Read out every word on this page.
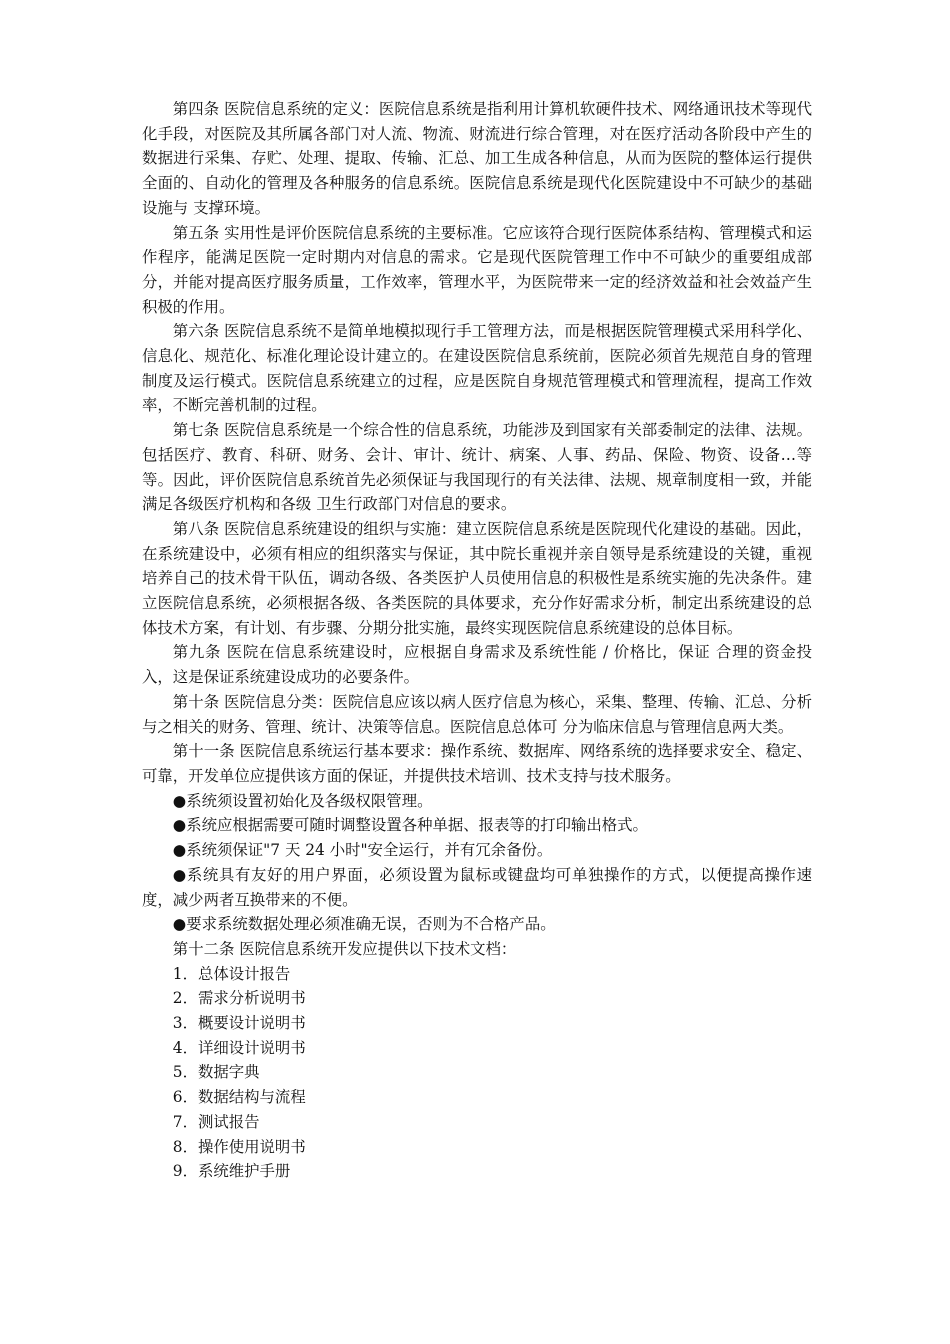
第四条 医院信息系统的定义：医院信息系统是指利用计算机软硬件技术、网络通讯技术等现代化手段，对医院及其所属各部门对人流、物流、财流进行综合管理，对在医疗活动各阶段中产生的数据进行采集、存贮、处理、提取、传输、汇总、加工生成各种信息，从而为医院的整体运行提供全面的、自动化的管理及各种服务的信息系统。医院信息系统是现代化医院建设中不可缺少的基础设施与 支撑环境。

第五条 实用性是评价医院信息系统的主要标准。它应该符合现行医院体系结构、管理模式和运作程序，能满足医院一定时期内对信息的需求。它是现代医院管理工作中不可缺少的重要组成部分，并能对提高医疗服务质量，工作效率，管理水平，为医院带来一定的经济效益和社会效益产生积极的作用。

第六条 医院信息系统不是简单地模拟现行手工管理方法，而是根据医院管理模式采用科学化、信息化、规范化、标准化理论设计建立的。在建设医院信息系统前，医院必须首先规范自身的管理制度及运行模式。医院信息系统建立的过程，应是医院自身规范管理模式和管理流程，提高工作效率，不断完善机制的过程。

第七条 医院信息系统是一个综合性的信息系统，功能涉及到国家有关部委制定的法律、法规。包括医疗、教育、科研、财务、会计、审计、统计、病案、人事、药品、保险、物资、设备…等等。因此，评价医院信息系统首先必须保证与我国现行的有关法律、法规、规章制度相一致，并能满足各级医疗机构和各级 卫生行政部门对信息的要求。

第八条 医院信息系统建设的组织与实施：建立医院信息系统是医院现代化建设的基础。因此，在系统建设中，必须有相应的组织落实与保证，其中院长重视并亲自领导是系统建设的关键，重视培养自己的技术骨干队伍，调动各级、各类医护人员使用信息的积极性是系统实施的先决条件。建立医院信息系统，必须根据各级、各类医院的具体要求，充分作好需求分析，制定出系统建设的总体技术方案，有计划、有步骤、分期分批实施，最终实现医院信息系统建设的总体目标。

第九条 医院在信息系统建设时，应根据自身需求及系统性能 / 价格比，保证 合理的资金投入，这是保证系统建设成功的必要条件。

第十条 医院信息分类：医院信息应该以病人医疗信息为核心，采集、整理、传输、汇总、分析与之相关的财务、管理、统计、决策等信息。医院信息总体可 分为临床信息与管理信息两大类。

第十一条 医院信息系统运行基本要求：操作系统、数据库、网络系统的选择要求安全、稳定、可靠，开发单位应提供该方面的保证，并提供技术培训、技术支持与技术服务。

●系统须设置初始化及各级权限管理。

●系统应根据需要可随时调整设置各种单据、报表等的打印输出格式。

●系统须保证"7 天 24 小时"安全运行，并有冗余备份。

●系统具有友好的用户界面，必须设置为鼠标或键盘均可单独操作的方式，以便提高操作速度，减少两者互换带来的不便。

●要求系统数据处理必须准确无误，否则为不合格产品。

第十二条 医院信息系统开发应提供以下技术文档：

1．总体设计报告

2．需求分析说明书

3．概要设计说明书

4．详细设计说明书

5．数据字典

6．数据结构与流程

7．测试报告

8．操作使用说明书

9．系统维护手册
